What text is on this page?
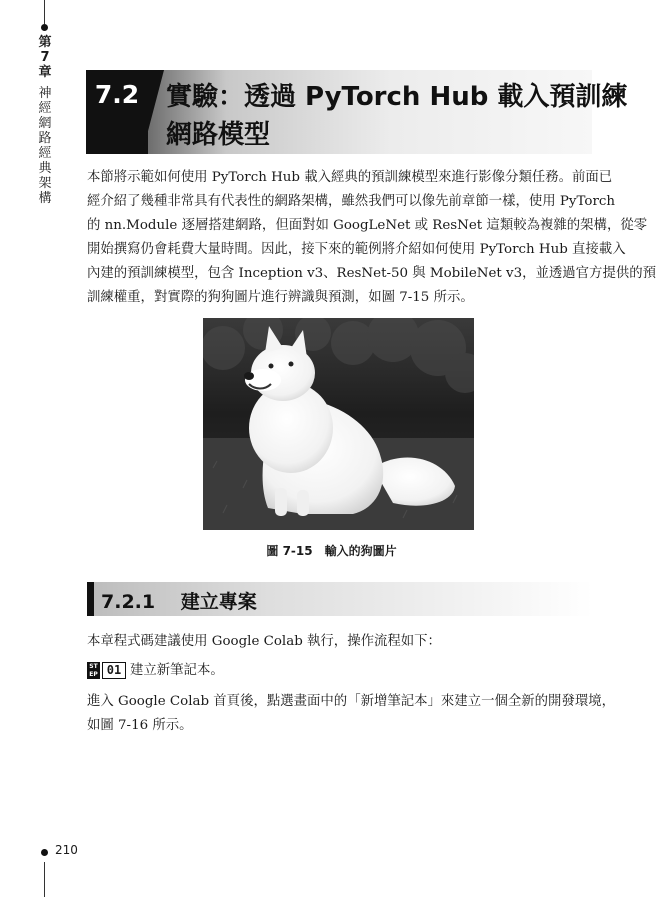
第
7
章
神
經
網
路
經
典
架
構
210
7.2	實驗：透過 PyTorch Hub 載入預訓練
網路模型
本節將示範如何使用 PyTorch Hub 載入經典的預訓練模型來進行影像分類任務。前面已
經介紹了幾種非常具有代表性的網路架構，雖然我們可以像先前章節一樣，使用 PyTorch
的 nn.Module 逐層搭建網路，但面對如 GoogLeNet 或 ResNet 這類較為複雜的架構，從零
開始撰寫仍會耗費大量時間。因此，接下來的範例將介紹如何使用 PyTorch Hub 直接載入
內建的預訓練模型，包含 Inception v3、ResNet-50 與 MobileNet v3，並透過官方提供的預
訓練權重，對實際的狗狗圖片進行辨識與預測，如圖 7-15 所示。
圖 7-15　輸入的狗圖片
7.2.1　 建立專案
本章程式碼建議使用 Google Colab 執行，操作流程如下：
ST
EP 01 建立新筆記本。
進入 Google Colab 首頁後，點選畫面中的「新增筆記本」來建立一個全新的開發環境，
如圖 7-16 所示。
